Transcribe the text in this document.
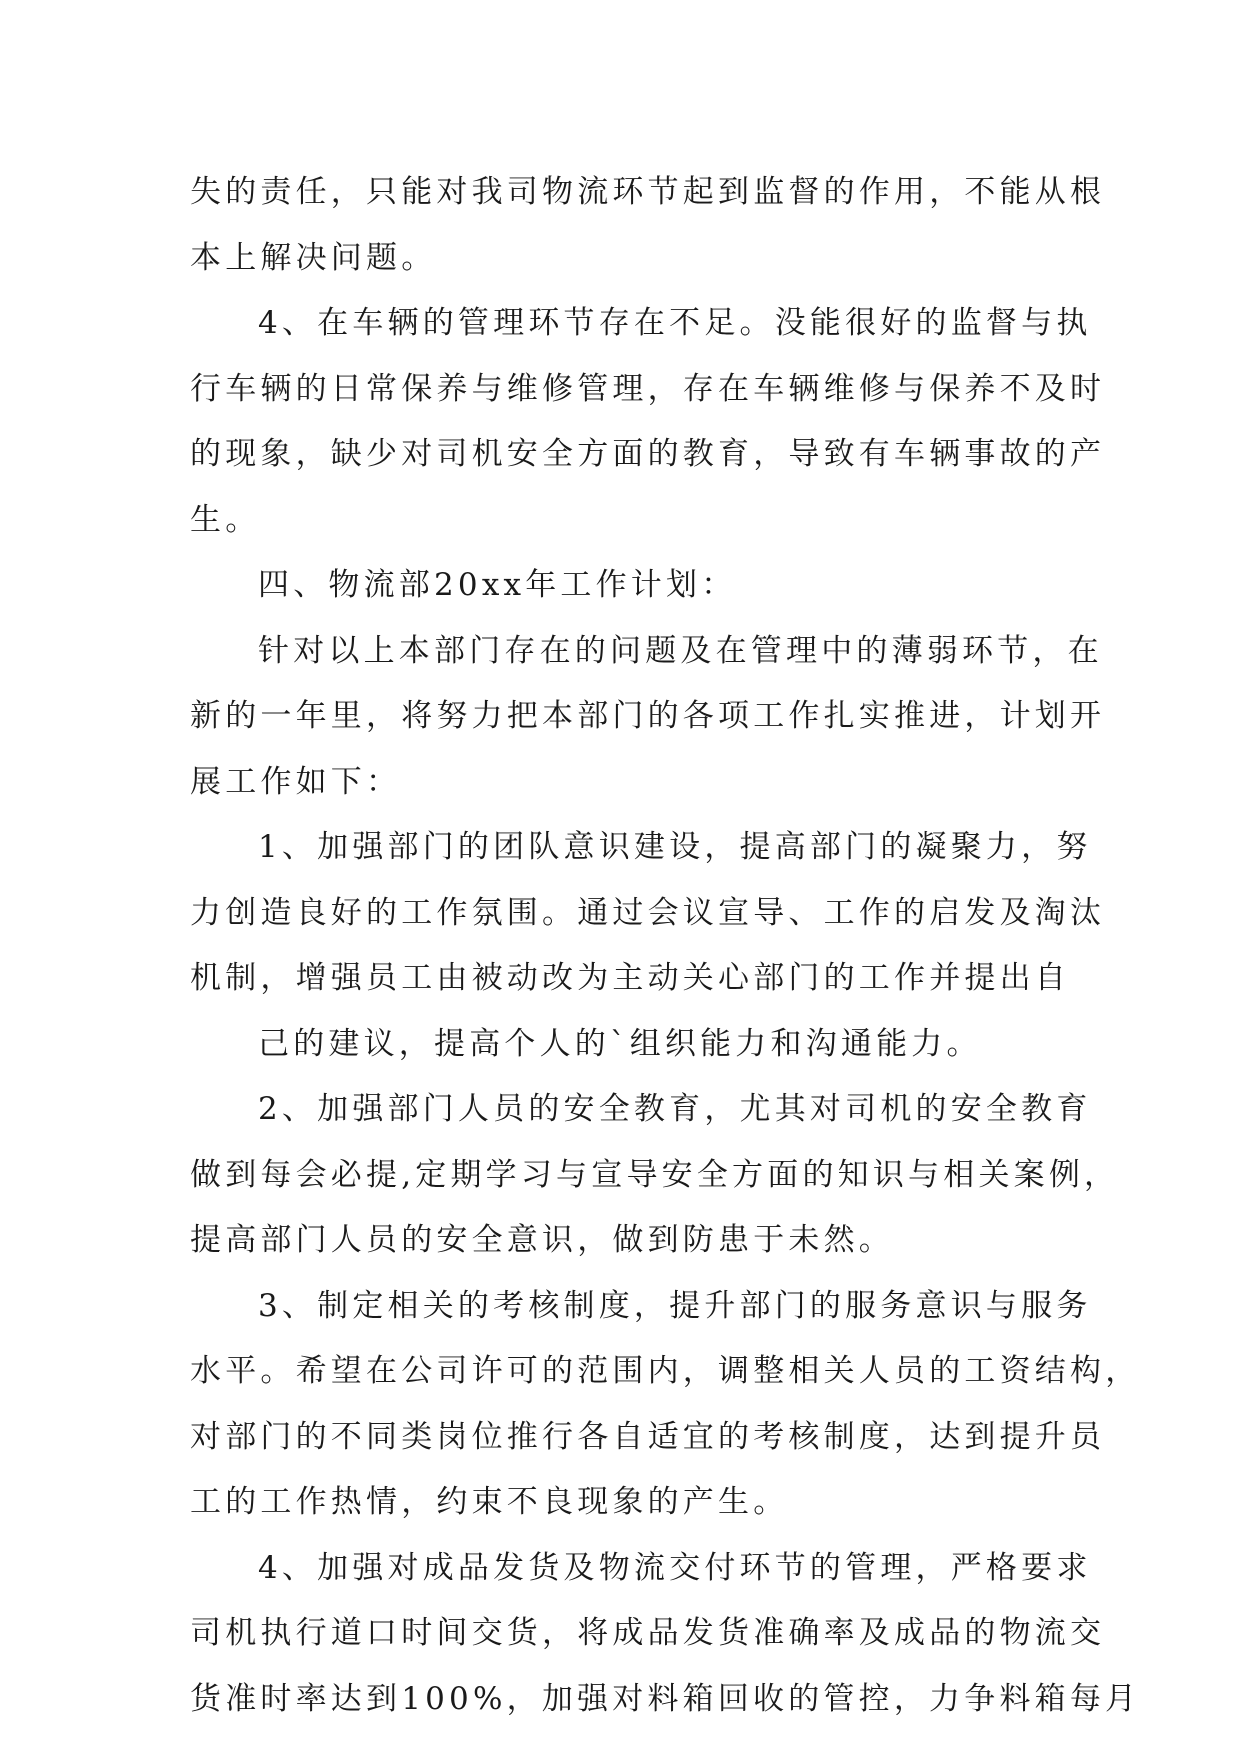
失的责任，只能对我司物流环节起到监督的作用，不能从根
本上解决问题。
4、在车辆的管理环节存在不足。没能很好的监督与执
行车辆的日常保养与维修管理，存在车辆维修与保养不及时
的现象，缺少对司机安全方面的教育，导致有车辆事故的产
生。
四、物流部20xx年工作计划：
针对以上本部门存在的问题及在管理中的薄弱环节，在
新的一年里，将努力把本部门的各项工作扎实推进，计划开
展工作如下：
1、加强部门的团队意识建设，提高部门的凝聚力，努
力创造良好的工作氛围。通过会议宣导、工作的启发及淘汰
机制，增强员工由被动改为主动关心部门的工作并提出自
己的建议，提高个人的`组织能力和沟通能力。
2、加强部门人员的安全教育，尤其对司机的安全教育
做到每会必提,定期学习与宣导安全方面的知识与相关案例，
提高部门人员的安全意识，做到防患于未然。
3、制定相关的考核制度，提升部门的服务意识与服务
水平。希望在公司许可的范围内，调整相关人员的工资结构，
对部门的不同类岗位推行各自适宜的考核制度，达到提升员
工的工作热情，约束不良现象的产生。
4、加强对成品发货及物流交付环节的管理，严格要求
司机执行道口时间交货，将成品发货准确率及成品的物流交
货准时率达到100%，加强对料箱回收的管控，力争料箱每月
